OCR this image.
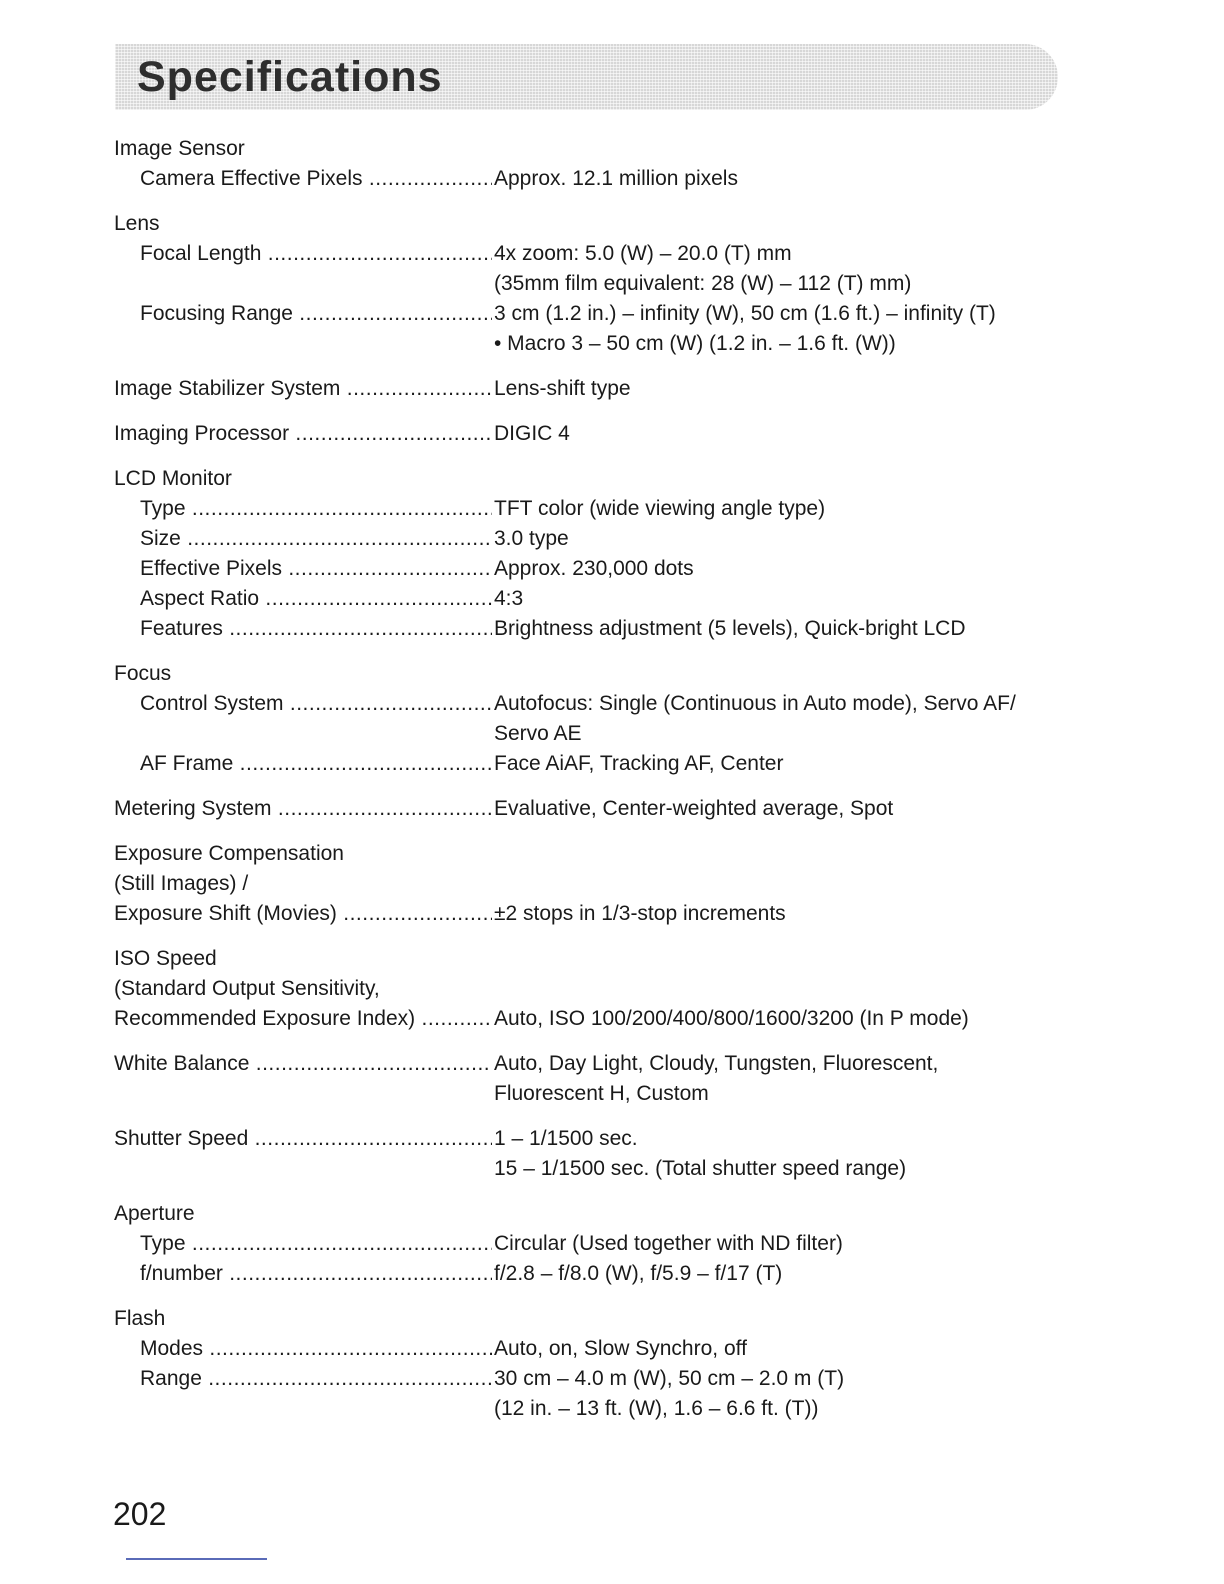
Specifications
Image Sensor
Camera Effective Pixels .....	Approx. 12.1 million pixels
Lens
Focal Length .....	4x zoom: 5.0 (W) – 20.0 (T) mm
(35mm film equivalent: 28 (W) – 112 (T) mm)
Focusing Range .....	3 cm (1.2 in.) – infinity (W), 50 cm (1.6 ft.) – infinity (T)
• Macro 3 – 50 cm (W) (1.2 in. – 1.6 ft. (W))
Image Stabilizer System .....	Lens-shift type
Imaging Processor .....	DIGIC 4
LCD Monitor
Type .....	TFT color (wide viewing angle type)
Size .....	3.0 type
Effective Pixels .....	Approx. 230,000 dots
Aspect Ratio .....	4:3
Features .....	Brightness adjustment (5 levels), Quick-bright LCD
Focus
Control System .....	Autofocus: Single (Continuous in Auto mode), Servo AF/
Servo AE
AF Frame .....	Face AiAF, Tracking AF, Center
Metering System .....	Evaluative, Center-weighted average, Spot
Exposure Compensation
(Still Images) /
Exposure Shift (Movies) .....	±2 stops in 1/3-stop increments
ISO Speed
(Standard Output Sensitivity,
Recommended Exposure Index) .....	Auto, ISO 100/200/400/800/1600/3200 (In P mode)
White Balance .....	Auto, Day Light, Cloudy, Tungsten, Fluorescent,
Fluorescent H, Custom
Shutter Speed .....	1 – 1/1500 sec.
15 – 1/1500 sec. (Total shutter speed range)
Aperture
Type .....	Circular (Used together with ND filter)
f/number .....	f/2.8 – f/8.0 (W), f/5.9 – f/17 (T)
Flash
Modes .....	Auto, on, Slow Synchro, off
Range .....	30 cm – 4.0 m (W), 50 cm – 2.0 m (T)
(12 in. – 13 ft. (W), 1.6 – 6.6 ft. (T))
202
